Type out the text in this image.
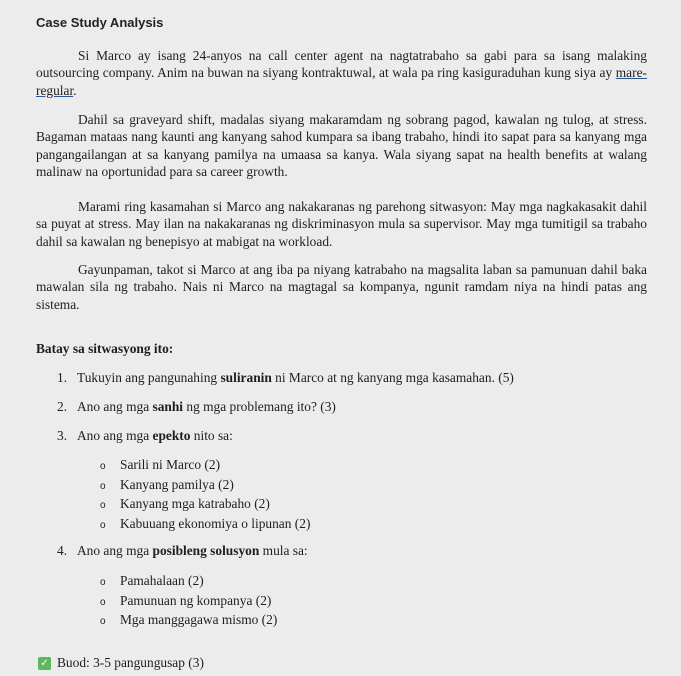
Case Study Analysis

Si Marco ay isang 24-anyos na call center agent na nagtatrabaho sa gabi para sa isang malaking outsourcing company. Anim na buwan na siyang kontraktuwal, at wala pa ring kasiguraduhan kung siya ay mare-regular.

Dahil sa graveyard shift, madalas siyang makaramdam ng sobrang pagod, kawalan ng tulog, at stress. Bagaman mataas nang kaunti ang kanyang sahod kumpara sa ibang trabaho, hindi ito sapat para sa kanyang mga pangangailangan at sa kanyang pamilya na umaasa sa kanya. Wala siyang sapat na health benefits at walang malinaw na oportunidad para sa career growth.

Marami ring kasamahan si Marco ang nakakaranas ng parehong sitwasyon: May mga nagkakasakit dahil sa puyat at stress. May ilan na nakakaranas ng diskriminasyon mula sa supervisor. May mga tumitigil sa trabaho dahil sa kawalan ng benepisyo at mabigat na workload.

Gayunpaman, takot si Marco at ang iba pa niyang katrabaho na magsalita laban sa pamunuan dahil baka mawalan sila ng trabaho. Nais ni Marco na magtagal sa kompanya, ngunit ramdam niya na hindi patas ang sistema.

Batay sa sitwasyong ito:
1. Tukuyin ang pangunahing suliranin ni Marco at ng kanyang mga kasamahan. (5)
2. Ano ang mga sanhi ng mga problemang ito? (3)
3. Ano ang mga epekto nito sa:
o Sarili ni Marco (2)
o Kanyang pamilya (2)
o Kanyang mga katrabaho (2)
o Kabuuang ekonomiya o lipunan (2)
4. Ano ang mga posibleng solusyon mula sa:
o Pamahalaan (2)
o Pamunuan ng kompanya (2)
o Mga manggagawa mismo (2)
✓ Buod: 3-5 pangungusap (3)
